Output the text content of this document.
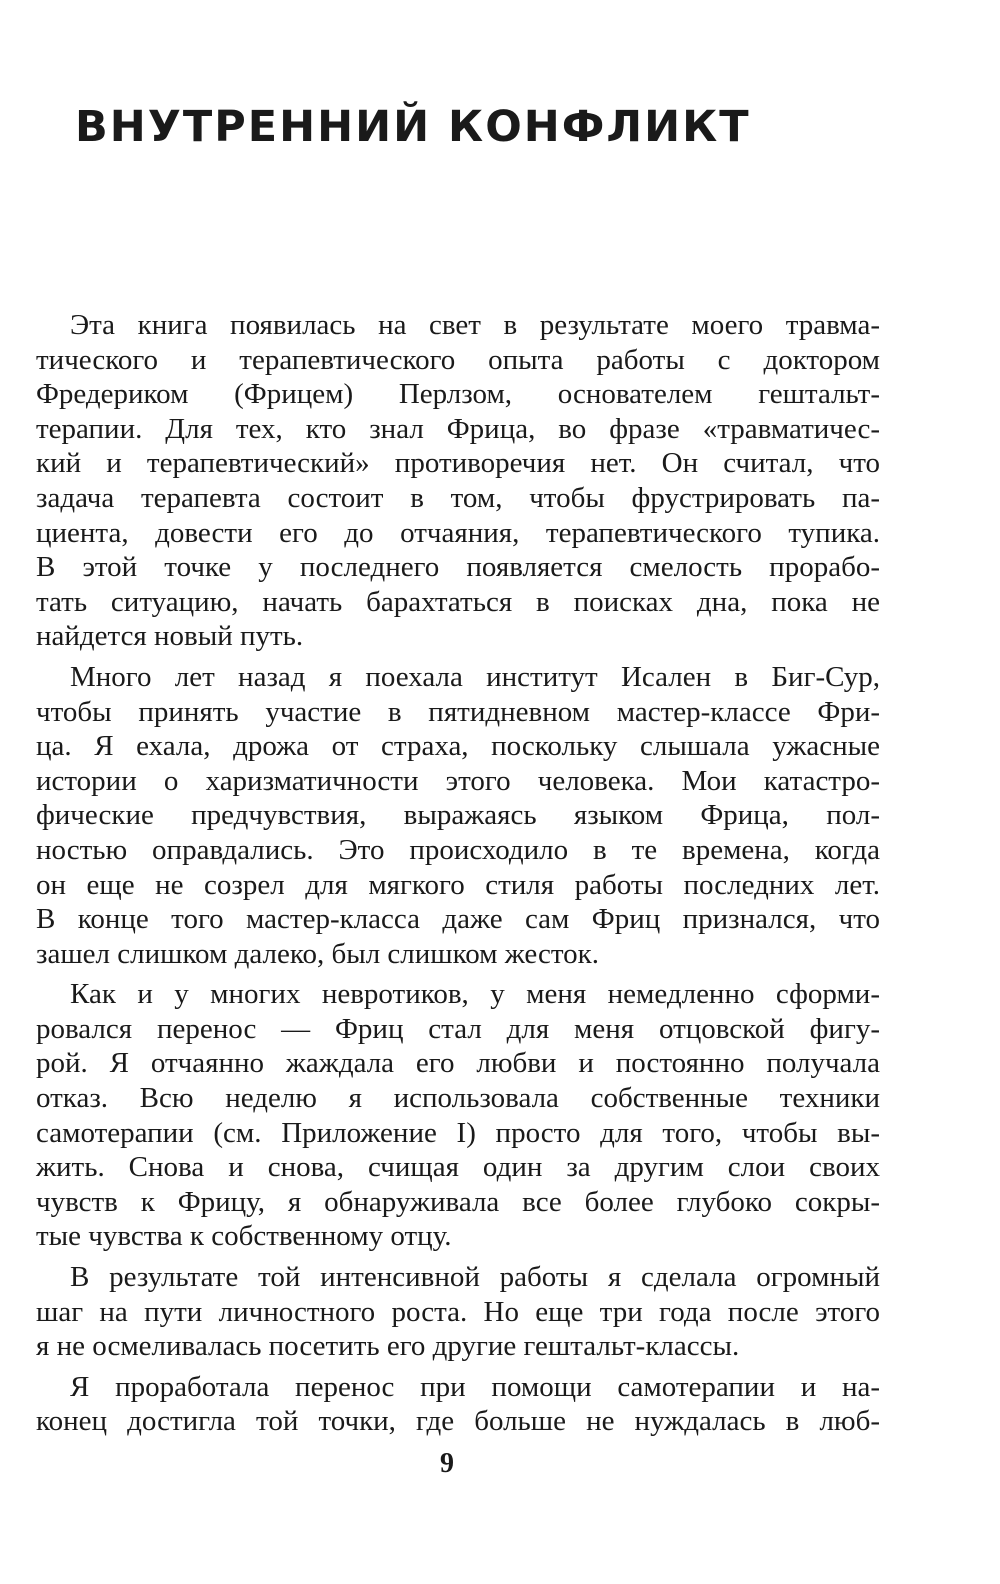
ВНУТРЕННИЙ КОНФЛИКТ
Эта книга появилась на свет в результате моего травма-
тического и терапевтического опыта работы с доктором
Фредериком (Фрицем) Перлзом, основателем гештальт-
терапии. Для тех, кто знал Фрица, во фразе «травматичес-
кий и терапевтический» противоречия нет. Он считал, что
задача терапевта состоит в том, чтобы фрустрировать па-
циента, довести его до отчаяния, терапевтического тупика.
В этой точке у последнего появляется смелость прорабо-
тать ситуацию, начать барахтаться в поисках дна, пока не
найдется новый путь.
Много лет назад я поехала институт Исален в Биг-Сур,
чтобы принять участие в пятидневном мастер-классе Фри-
ца. Я ехала, дрожа от страха, поскольку слышала ужасные
истории о харизматичности этого человека. Мои катастро-
фические предчувствия, выражаясь языком Фрица, пол-
ностью оправдались. Это происходило в те времена, когда
он еще не созрел для мягкого стиля работы последних лет.
В конце того мастер-класса даже сам Фриц признался, что
зашел слишком далеко, был слишком жесток.
Как и у многих невротиков, у меня немедленно сформи-
ровался перенос — Фриц стал для меня отцовской фигу-
рой. Я отчаянно жаждала его любви и постоянно получала
отказ. Всю неделю я использовала собственные техники
самотерапии (см. Приложение I) просто для того, чтобы вы-
жить. Снова и снова, счищая один за другим слои своих
чувств к Фрицу, я обнаруживала все более глубоко сокры-
тые чувства к собственному отцу.
В результате той интенсивной работы я сделала огромный
шаг на пути личностного роста. Но еще три года после этого
я не осмеливалась посетить его другие гештальт-классы.
Я проработала перенос при помощи самотерапии и на-
конец достигла той точки, где больше не нуждалась в люб-
9
